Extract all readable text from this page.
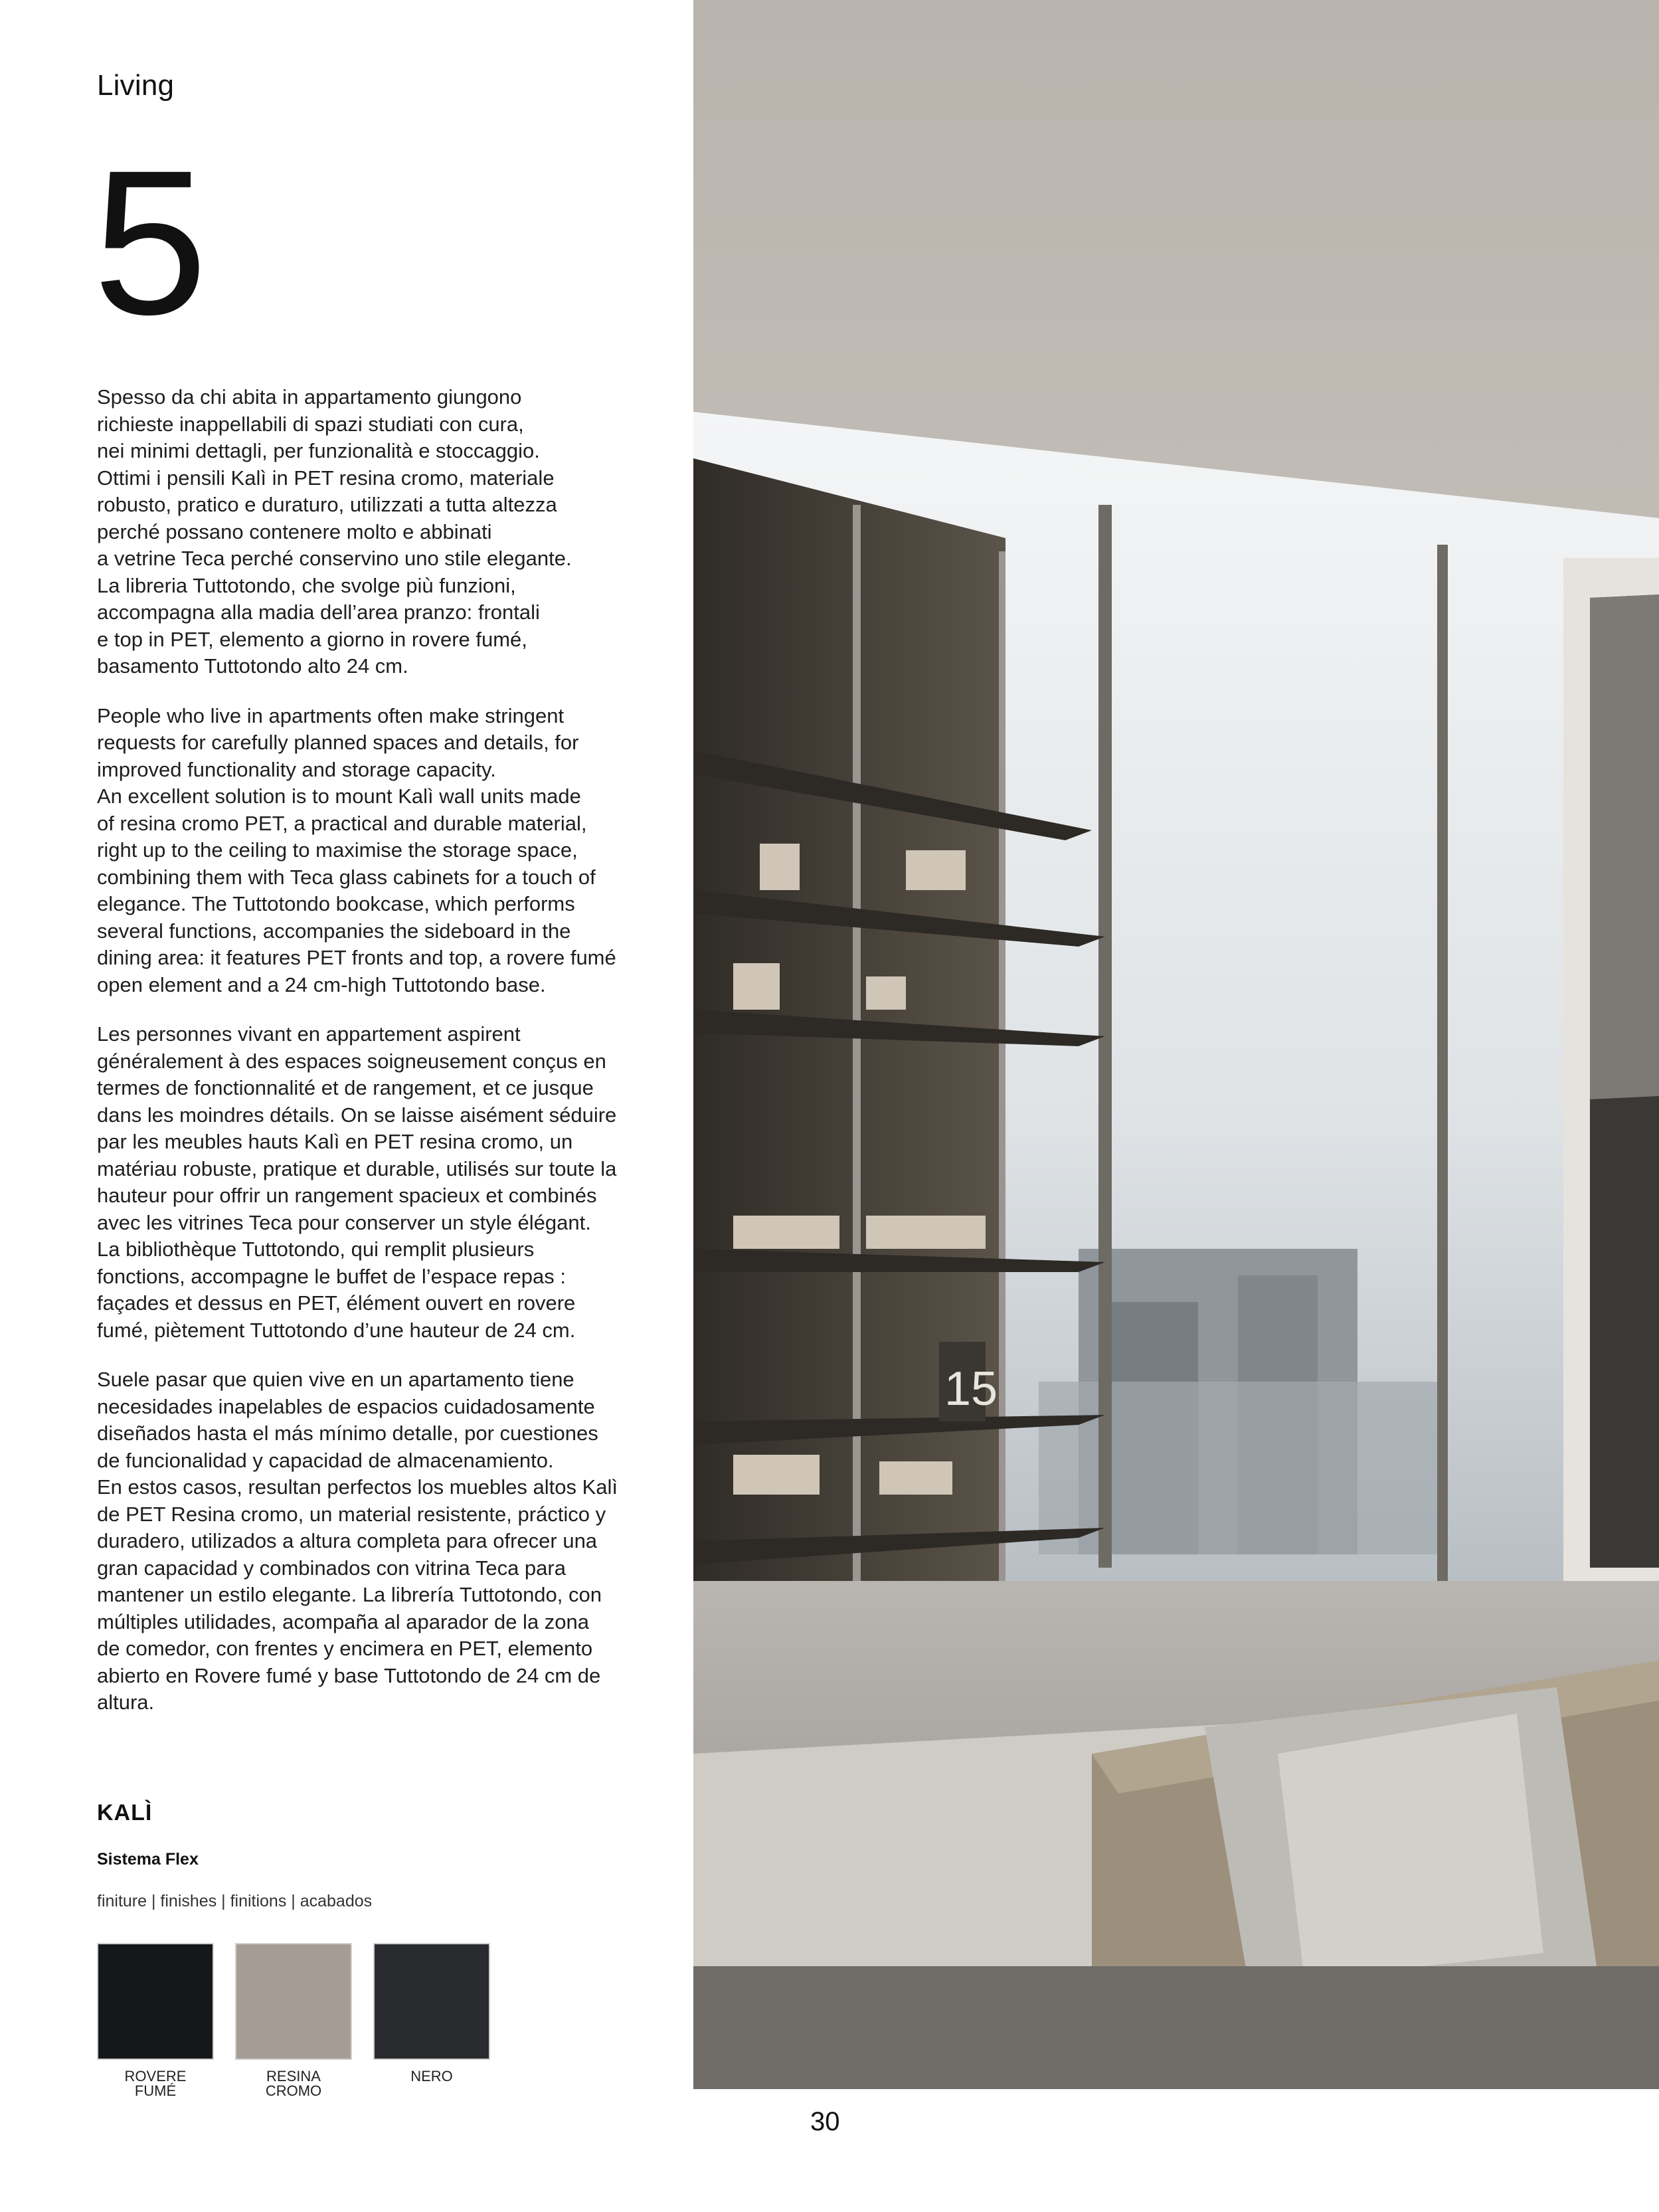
Living
5

Spesso da chi abita in appartamento giungono
richieste inappellabili di spazi studiati con cura,
nei minimi dettagli, per funzionalità e stoccaggio.
Ottimi i pensili Kalì in PET resina cromo, materiale
robusto, pratico e duraturo, utilizzati a tutta altezza
perché possano contenere molto e abbinati
a vetrine Teca perché conservino uno stile elegante.
La libreria Tuttotondo, che svolge più funzioni,
accompagna alla madia dell’area pranzo: frontali
e top in PET, elemento a giorno in rovere fumé,
basamento Tuttotondo alto 24 cm.

People who live in apartments often make stringent
requests for carefully planned spaces and details, for
improved functionality and storage capacity.
An excellent solution is to mount Kalì wall units made
of resina cromo PET, a practical and durable material,
right up to the ceiling to maximise the storage space,
combining them with Teca glass cabinets for a touch of
elegance. The Tuttotondo bookcase, which performs
several functions, accompanies the sideboard in the
dining area: it features PET fronts and top, a rovere fumé
open element and a 24 cm-high Tuttotondo base.

Les personnes vivant en appartement aspirent
généralement à des espaces soigneusement conçus en
termes de fonctionnalité et de rangement, et ce jusque
dans les moindres détails. On se laisse aisément séduire
par les meubles hauts Kalì en PET resina cromo, un
matériau robuste, pratique et durable, utilisés sur toute la
hauteur pour offrir un rangement spacieux et combinés
avec les vitrines Teca pour conserver un style élégant.
La bibliothèque Tuttotondo, qui remplit plusieurs
fonctions, accompagne le buffet de l’espace repas :
façades et dessus en PET, élément ouvert en rovere
fumé, piètement Tuttotondo d’une hauteur de 24 cm.

Suele pasar que quien vive en un apartamento tiene
necesidades inapelables de espacios cuidadosamente
diseñados hasta el más mínimo detalle, por cuestiones
de funcionalidad y capacidad de almacenamiento.
En estos casos, resultan perfectos los muebles altos Kalì
de PET Resina cromo, un material resistente, práctico y
duradero, utilizados a altura completa para ofrecer una
gran capacidad y combinados con vitrina Teca para
mantener un estilo elegante. La librería Tuttotondo, con
múltiples utilidades, acompaña al aparador de la zona
de comedor, con frentes y encimera en PET, elemento
abierto en Rovere fumé y base Tuttotondo de 24 cm de
altura.

KALÌ
Sistema Flex
finiture | finishes | finitions | acabados
ROVERE
FUMÉ
RESINA
CROMO
NERO
30
15
